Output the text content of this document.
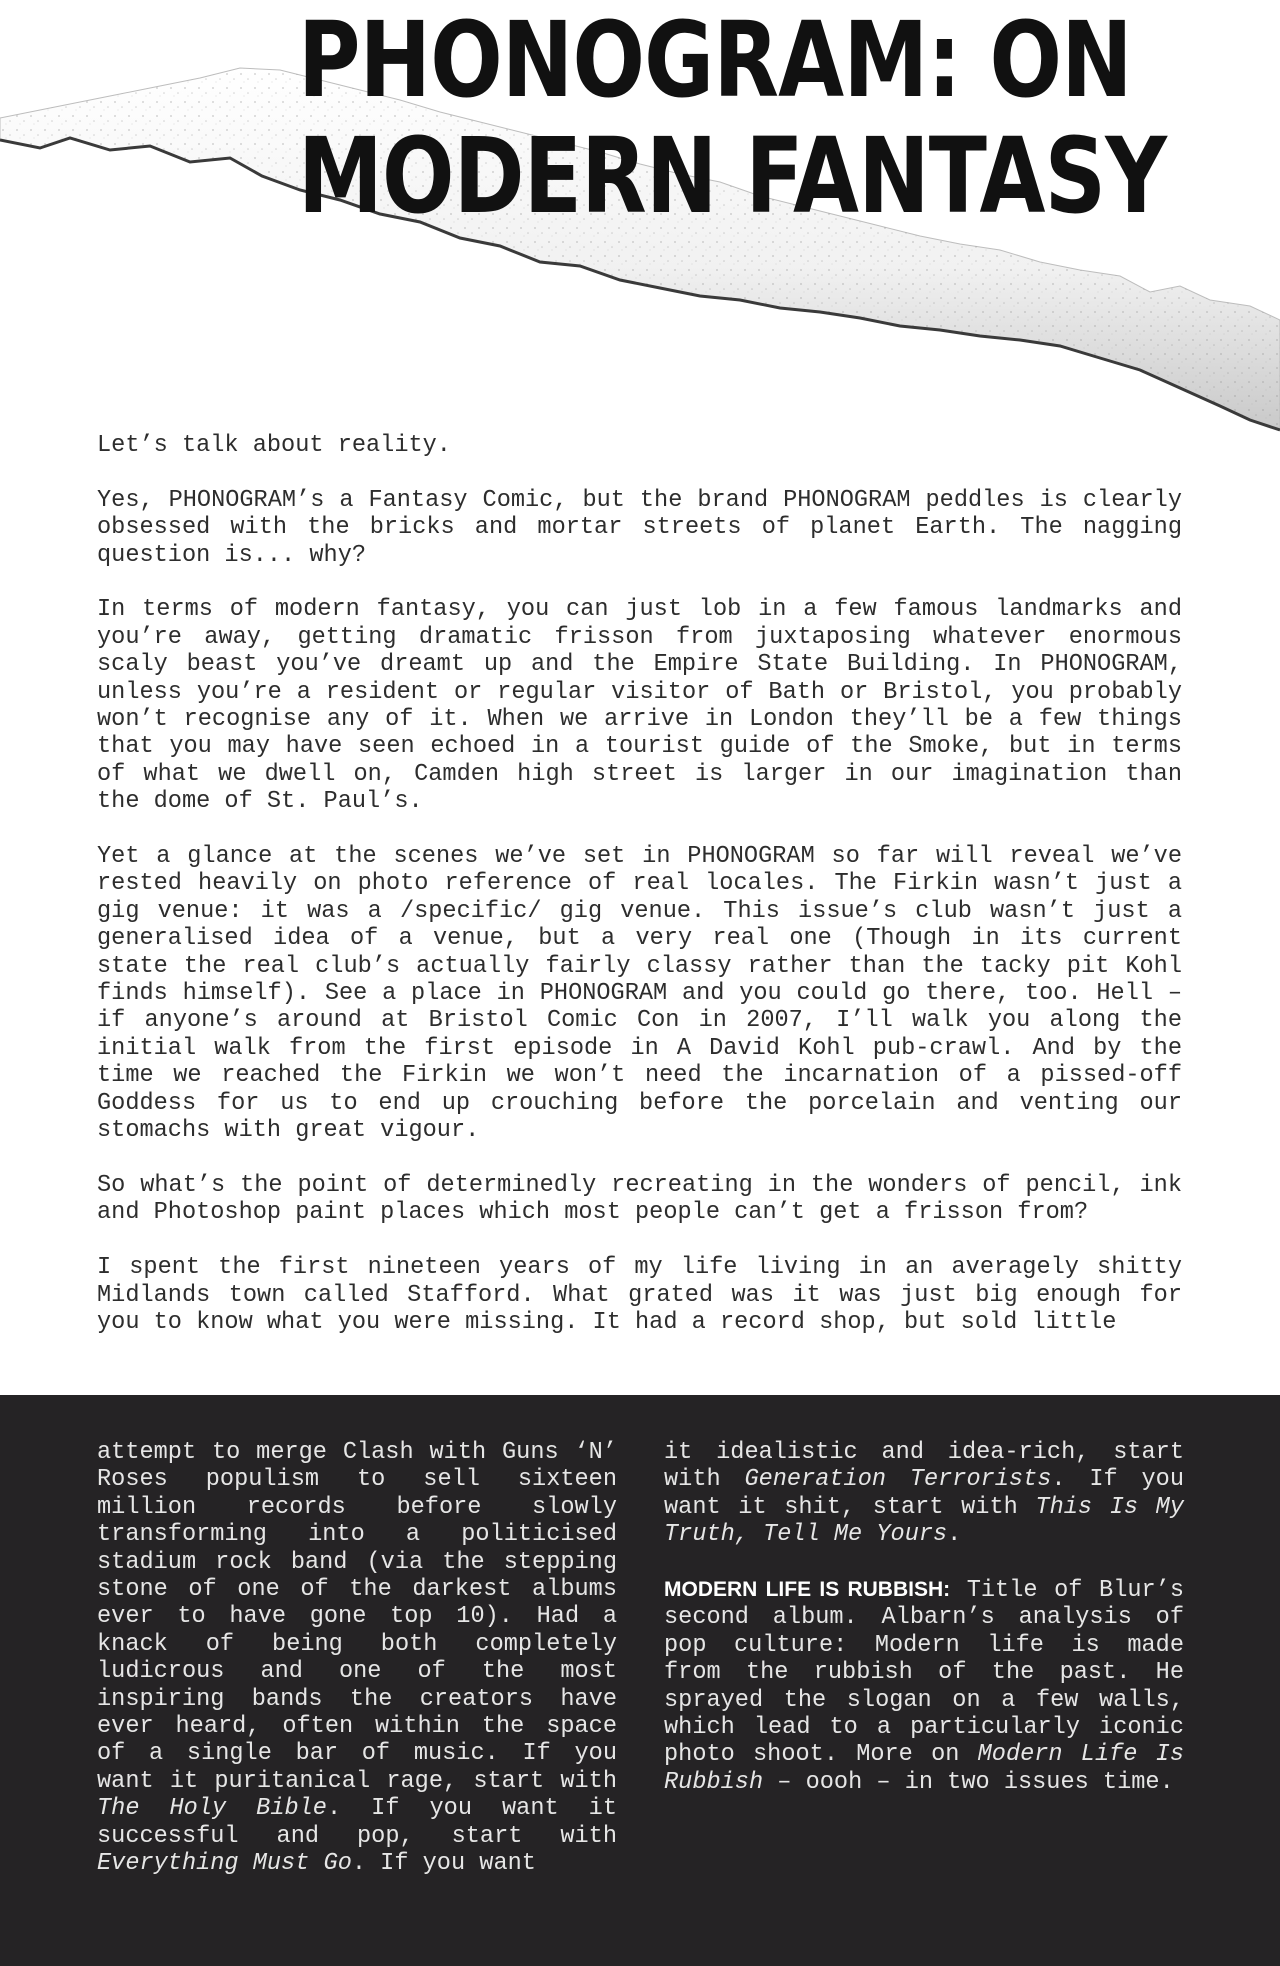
PHONOGRAM: ON
MODERN FANTASY

Let’s talk about reality.

Yes, PHONOGRAM’s a Fantasy Comic, but the brand PHONOGRAM peddles is clearly obsessed with the bricks and mortar streets of planet Earth. The nagging question is... why?

In terms of modern fantasy, you can just lob in a few famous landmarks and you’re away, getting dramatic frisson from juxtaposing whatever enormous scaly beast you’ve dreamt up and the Empire State Building. In PHONOGRAM, unless you’re a resident or regular visitor of Bath or Bristol, you probably won’t recognise any of it. When we arrive in London they’ll be a few things that you may have seen echoed in a tourist guide of the Smoke, but in terms of what we dwell on, Camden high street is larger in our imagination than the dome of St. Paul’s.

Yet a glance at the scenes we’ve set in PHONOGRAM so far will reveal we’ve rested heavily on photo reference of real locales. The Firkin wasn’t just a gig venue: it was a /specific/ gig venue. This issue’s club wasn’t just a generalised idea of a venue, but a very real one (Though in its current state the real club’s actually fairly classy rather than the tacky pit Kohl finds himself). See a place in PHONOGRAM and you could go there, too. Hell – if anyone’s around at Bristol Comic Con in 2007, I’ll walk you along the initial walk from the first episode in A David Kohl pub-crawl. And by the time we reached the Firkin we won’t need the incarnation of a pissed-off Goddess for us to end up crouching before the porcelain and venting our stomachs with great vigour.

So what’s the point of determinedly recreating in the wonders of pencil, ink and Photoshop paint places which most people can’t get a frisson from?

I spent the first nineteen years of my life living in an averagely shitty Midlands town called Stafford. What grated was it was just big enough for you to know what you were missing. It had a record shop, but sold little

attempt to merge Clash with Guns ‘N’ Roses populism to sell sixteen million records before slowly transforming into a politicised stadium rock band (via the stepping stone of one of the darkest albums ever to have gone top 10). Had a knack of being both completely ludicrous and one of the most inspiring bands the creators have ever heard, often within the space of a single bar of music. If you want it puritanical rage, start with The Holy Bible. If you want it successful and pop, start with Everything Must Go. If you want

it idealistic and idea-rich, start with Generation Terrorists. If you want it shit, start with This Is My Truth, Tell Me Yours.

MODERN LIFE IS RUBBISH: Title of Blur’s second album. Albarn’s analysis of pop culture: Modern life is made from the rubbish of the past. He sprayed the slogan on a few walls, which lead to a particularly iconic photo shoot. More on Modern Life Is Rubbish – oooh – in two issues time.
